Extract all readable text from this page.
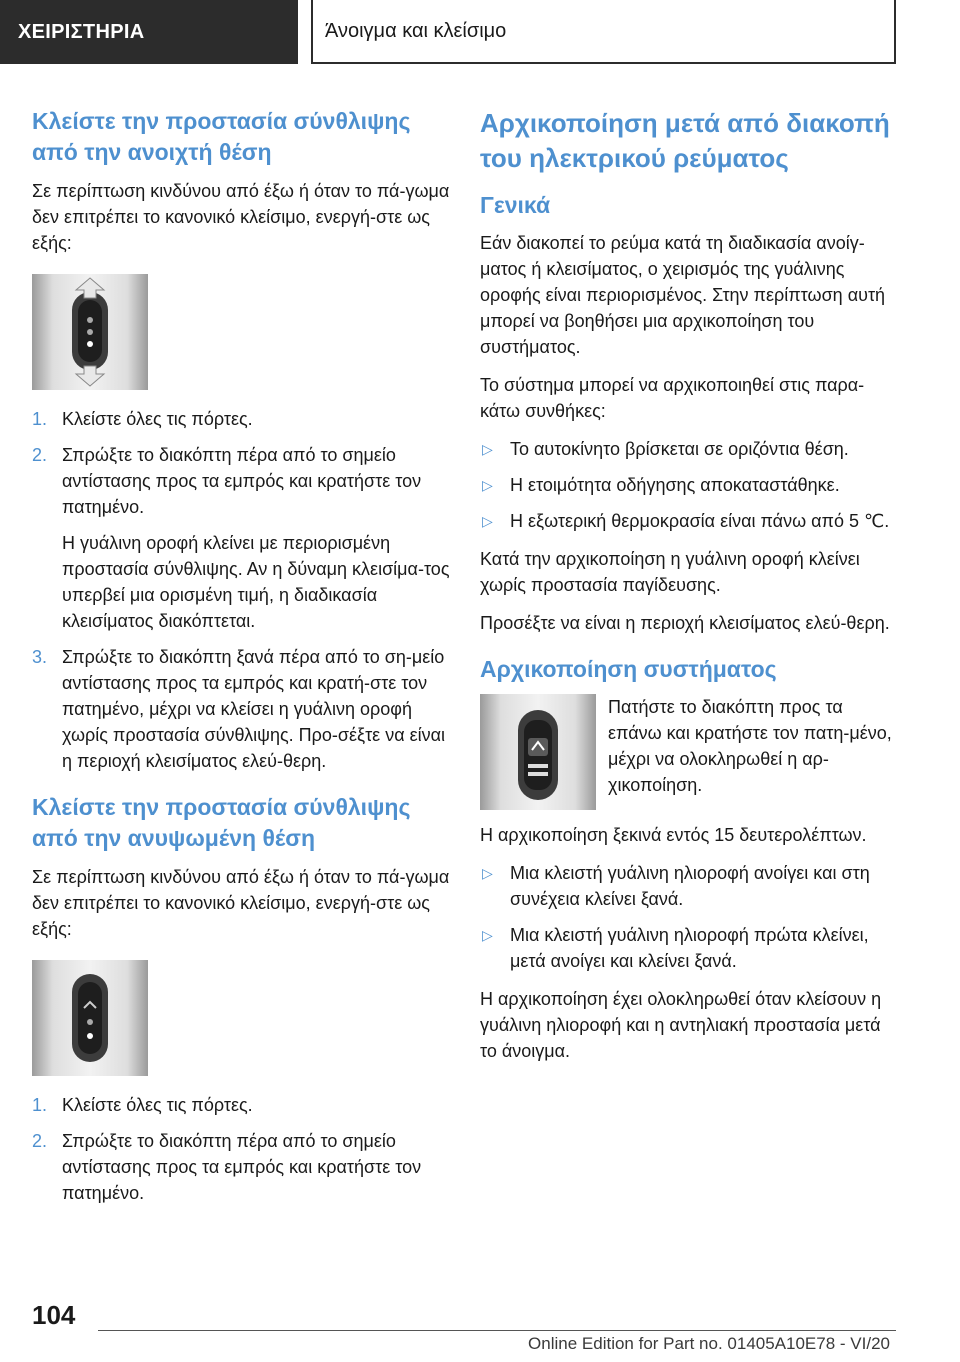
ΧΕΙΡΙΣΤΗΡΙΑ	Άνοιγμα και κλείσιμο
Κλείστε την προστασία σύνθλιψης από την ανοιχτή θέση

Σε περίπτωση κινδύνου από έξω ή όταν το πά-γωμα δεν επιτρέπει το κανονικό κλείσιμο, ενεργή-στε ως εξής:

1. Κλείστε όλες τις πόρτες.
2. Σπρώξτε το διακόπτη πέρα από το σημείο αντίστασης προς τα εμπρός και κρατήστε τον πατημένο.
Η γυάλινη οροφή κλείνει με περιορισμένη προστασία σύνθλιψης. Αν η δύναμη κλεισίμα-τος υπερβεί μια ορισμένη τιμή, η διαδικασία κλεισίματος διακόπτεται.
3. Σπρώξτε το διακόπτη ξανά πέρα από το ση-μείο αντίστασης προς τα εμπρός και κρατή-στε τον πατημένο, μέχρι να κλείσει η γυάλινη οροφή χωρίς προστασία σύνθλιψης. Προ-σέξτε να είναι η περιοχή κλεισίματος ελεύ-θερη.
Κλείστε την προστασία σύνθλιψης από την ανυψωμένη θέση

Σε περίπτωση κινδύνου από έξω ή όταν το πά-γωμα δεν επιτρέπει το κανονικό κλείσιμο, ενεργή-στε ως εξής:

1. Κλείστε όλες τις πόρτες.
2. Σπρώξτε το διακόπτη πέρα από το σημείο αντίστασης προς τα εμπρός και κρατήστε τον πατημένο.
Αρχικοποίηση μετά από διακοπή του ηλεκτρικού ρεύματος
Γενικά

Εάν διακοπεί το ρεύμα κατά τη διαδικασία ανοίγ-ματος ή κλεισίματος, ο χειρισμός της γυάλινης οροφής είναι περιορισμένος. Στην περίπτωση αυτή μπορεί να βοηθήσει μια αρχικοποίηση του συστήματος.

Το σύστημα μπορεί να αρχικοποιηθεί στις παρα-κάτω συνθήκες:

▷ Το αυτοκίνητο βρίσκεται σε οριζόντια θέση.
▷ Η ετοιμότητα οδήγησης αποκαταστάθηκε.
▷ Η εξωτερική θερμοκρασία είναι πάνω από 5 ℃.

Κατά την αρχικοποίηση η γυάλινη οροφή κλείνει χωρίς προστασία παγίδευσης.

Προσέξτε να είναι η περιοχή κλεισίματος ελεύ-θερη.

Αρχικοποίηση συστήματος

Πατήστε το διακόπτη προς τα επάνω και κρατήστε τον πατη-μένο, μέχρι να ολοκληρωθεί η αρ-χικοποίηση.

Η αρχικοποίηση ξεκινά εντός 15 δευτερολέπτων.

▷ Μια κλειστή γυάλινη ηλιοροφή ανοίγει και στη συνέχεια κλείνει ξανά.
▷ Μια κλειστή γυάλινη ηλιοροφή πρώτα κλείνει, μετά ανοίγει και κλείνει ξανά.

Η αρχικοποίηση έχει ολοκληρωθεί όταν κλείσουν η γυάλινη ηλιοροφή και η αντηλιακή προστασία μετά το άνοιγμα.

104
Online Edition for Part no. 01405A10E78 - VI/20
